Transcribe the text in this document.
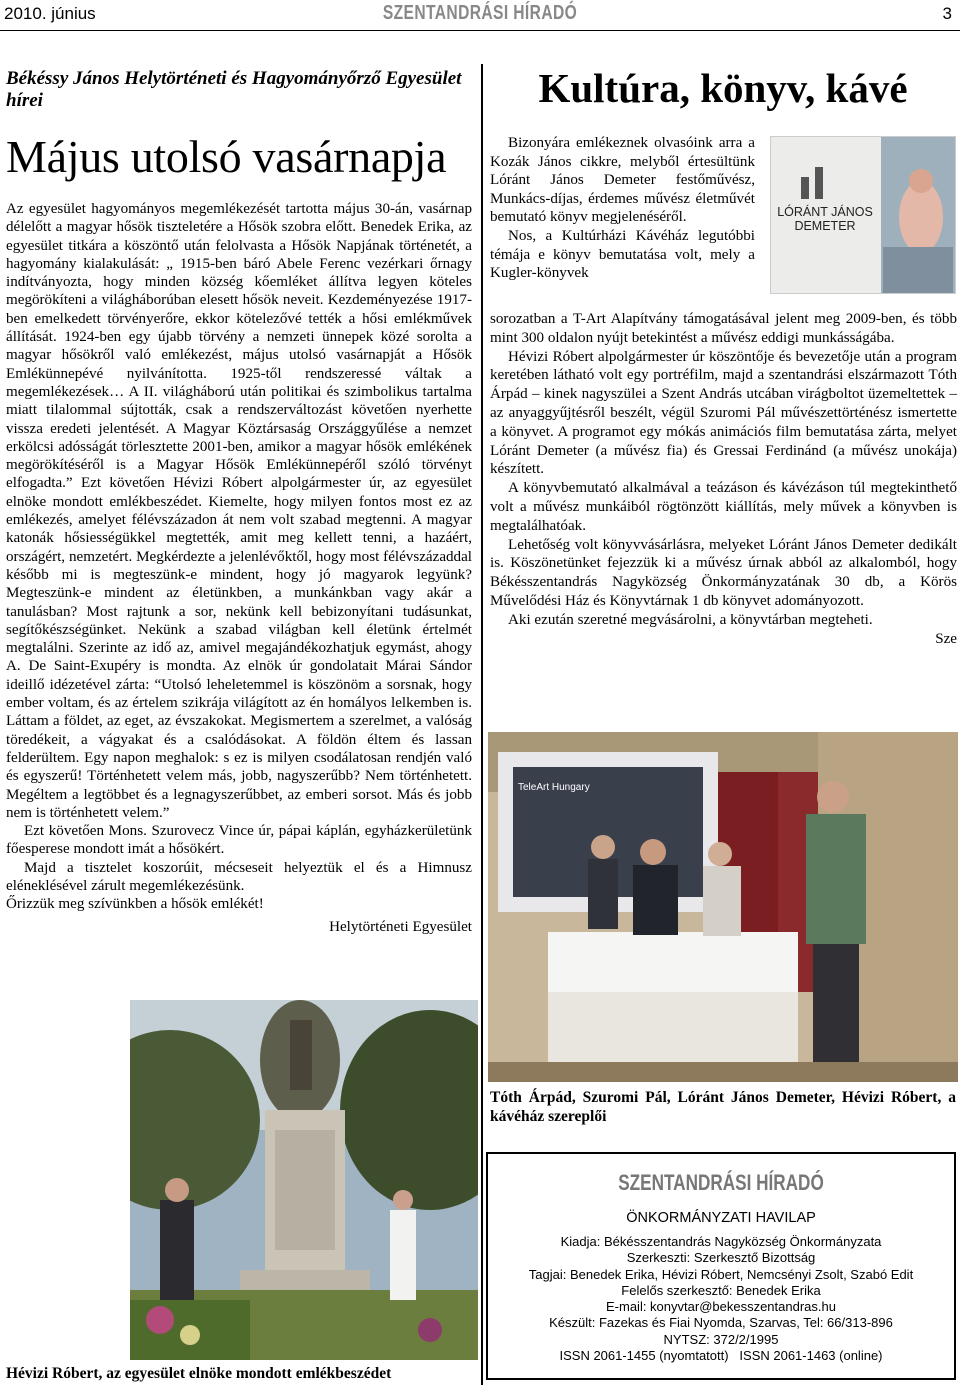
2010. június	SZENTANDRÁSI HÍRADÓ	3
Békéssy János Helytörténeti és Hagyományőrző Egyesület hírei
Május utolsó vasárnapja

Az egyesület hagyományos megemlékezését tartotta május 30-án, vasárnap délelőtt a magyar hősök tiszteletére a Hősök szobra előtt. Benedek Erika, az egyesület titkára a köszöntő után felolvasta a Hősök Napjának történetét, a hagyomány kialakulását: „ 1915-ben báró Abele Ferenc vezérkari őrnagy indítványozta, hogy minden község kőemléket állítva legyen köteles megörökíteni a világháborúban elesett hősök neveit. Kezdeményezése 1917-ben emelkedett törvényerőre, ekkor kötelezővé tették a hősi emlékművek állítását. 1924-ben egy újabb törvény a nemzeti ünnepek közé sorolta a magyar hősökről való emlékezést, május utolsó vasárnapját a Hősök Emlékünnepévé nyilvánította. 1925-től rendszeressé váltak a megemlékezések… A II. világháború után politikai és szimbolikus tartalma miatt tilalommal sújtották, csak a rendszerváltozást követően nyerhette vissza eredeti jelentését. A Magyar Köztársaság Országgyűlése a nemzet erkölcsi adósságát törlesztette 2001-ben, amikor a magyar hősök emlékének megörökítéséről is a Magyar Hősök Emlékünnepéről szóló törvényt elfogadta.” Ezt követően Hévizi Róbert alpolgármester úr, az egyesület elnöke mondott emlékbeszédet. Kiemelte, hogy milyen fontos most ez az emlékezés, amelyet félévszázadon át nem volt szabad megtenni. A magyar katonák hősiességükkel megtették, amit meg kellett tenni, a hazáért, országért, nemzetért. Megkérdezte a jelenlévőktől, hogy most félévszázaddal később mi is megteszünk-e mindent, hogy jó magyarok legyünk? Megteszünk-e mindent az életünkben, a munkánkban vagy akár a tanulásban? Most rajtunk a sor, nekünk kell bebizonyítani tudásunkat, segítőkészségünket. Nekünk a szabad világban kell életünk értelmét megtalálni. Szerinte az idő az, amivel megajándékozhatjuk egymást, ahogy A. De Saint-Exupéry is mondta. Az elnök úr gondolatait Márai Sándor ideillő idézetével zárta: “Utolsó leheletemmel is köszönöm a sorsnak, hogy ember voltam, és az értelem szikrája világított az én homályos lelkemben is. Láttam a földet, az eget, az évszakokat. Megismertem a szerelmet, a valóság töredékeit, a vágyakat és a csalódásokat. A földön éltem és lassan felderültem. Egy napon meghalok: s ez is milyen csodálatosan rendjén való és egyszerű! Történhetett velem más, jobb, nagyszerűbb? Nem történhetett. Megéltem a legtöbbet és a legnagyszerűbbet, az emberi sorsot. Más és jobb nem is történhetett velem.”

Ezt követően Mons. Szurovecz Vince úr, pápai káplán, egyházkerületünk főesperese mondott imát a hősökért.

Majd a tisztelet koszorúit, mécseseit helyeztük el és a Himnusz eléneklésével zárult megemlékezésünk.

Őrizzük meg szívünkben a hősök emlékét!

Helytörténeti Egyesület

Hévizi Róbert, az egyesület elnöke mondott emlékbeszédet
Kultúra, könyv, kávé

Bizonyára emlékeznek olvasóink arra a Kozák János cikkre, melyből értesültünk Lóránt János Demeter festőművész, Munkács-díjas, érdemes művész életművét bemutató könyv megjelenéséről.

Nos, a Kultúrházi Kávéház legutóbbi témája e könyv bemutatása volt, mely a Kugler-könyvek

LÓRÁNT JÁNOS DEMETER

sorozatban a T-Art Alapítvány támogatásával jelent meg 2009-ben, és több mint 300 oldalon nyújt betekintést a művész eddigi munkásságába.

Hévizi Róbert alpolgármester úr köszöntője és bevezetője után a program keretében látható volt egy portréfilm, majd a szentandrási elszármazott Tóth Árpád – kinek nagyszülei a Szent András utcában virágboltot üzemeltettek – az anyaggyűjtésről beszélt, végül Szuromi Pál művészettörténész ismertette a könyvet. A programot egy mókás animációs film bemutatása zárta, melyet Lóránt Demeter (a művész fia) és Gressai Ferdinánd (a művész unokája) készített.

A könyvbemutató alkalmával a teázáson és kávézáson túl megtekinthető volt a művész munkáiból rögtönzött kiállítás, mely művek a könyvben is megtalálhatóak.

Lehetőség volt könyvvásárlásra, melyeket Lóránt János Demeter dedikált is. Köszönetünket fejezzük ki a művész úrnak abból az alkalomból, hogy Békésszentandrás Nagyközség Önkormányzatának 30 db, a Körös Művelődési Ház és Könyvtárnak 1 db könyvet adományozott.

Aki ezután szeretné megvásárolni, a könyvtárban megteheti.

Sze

TeleArt Hungary
Tóth Árpád, Szuromi Pál, Lóránt János Demeter, Hévizi Róbert, a kávéház szereplői
SZENTANDRÁSI HÍRADÓ
ÖNKORMÁNYZATI HAVILAP
Kiadja: Békésszentandrás Nagyközség Önkormányzata
Szerkeszti: Szerkesztő Bizottság
Tagjai: Benedek Erika, Hévizi Róbert, Nemcsényi Zsolt, Szabó Edit
Felelős szerkesztő: Benedek Erika
E-mail: konyvtar@bekesszentandras.hu
Készült: Fazekas és Fiai Nyomda, Szarvas, Tel: 66/313-896
NYTSZ: 372/2/1995
ISSN 2061-1455 (nyomtatott)   ISSN 2061-1463 (online)
